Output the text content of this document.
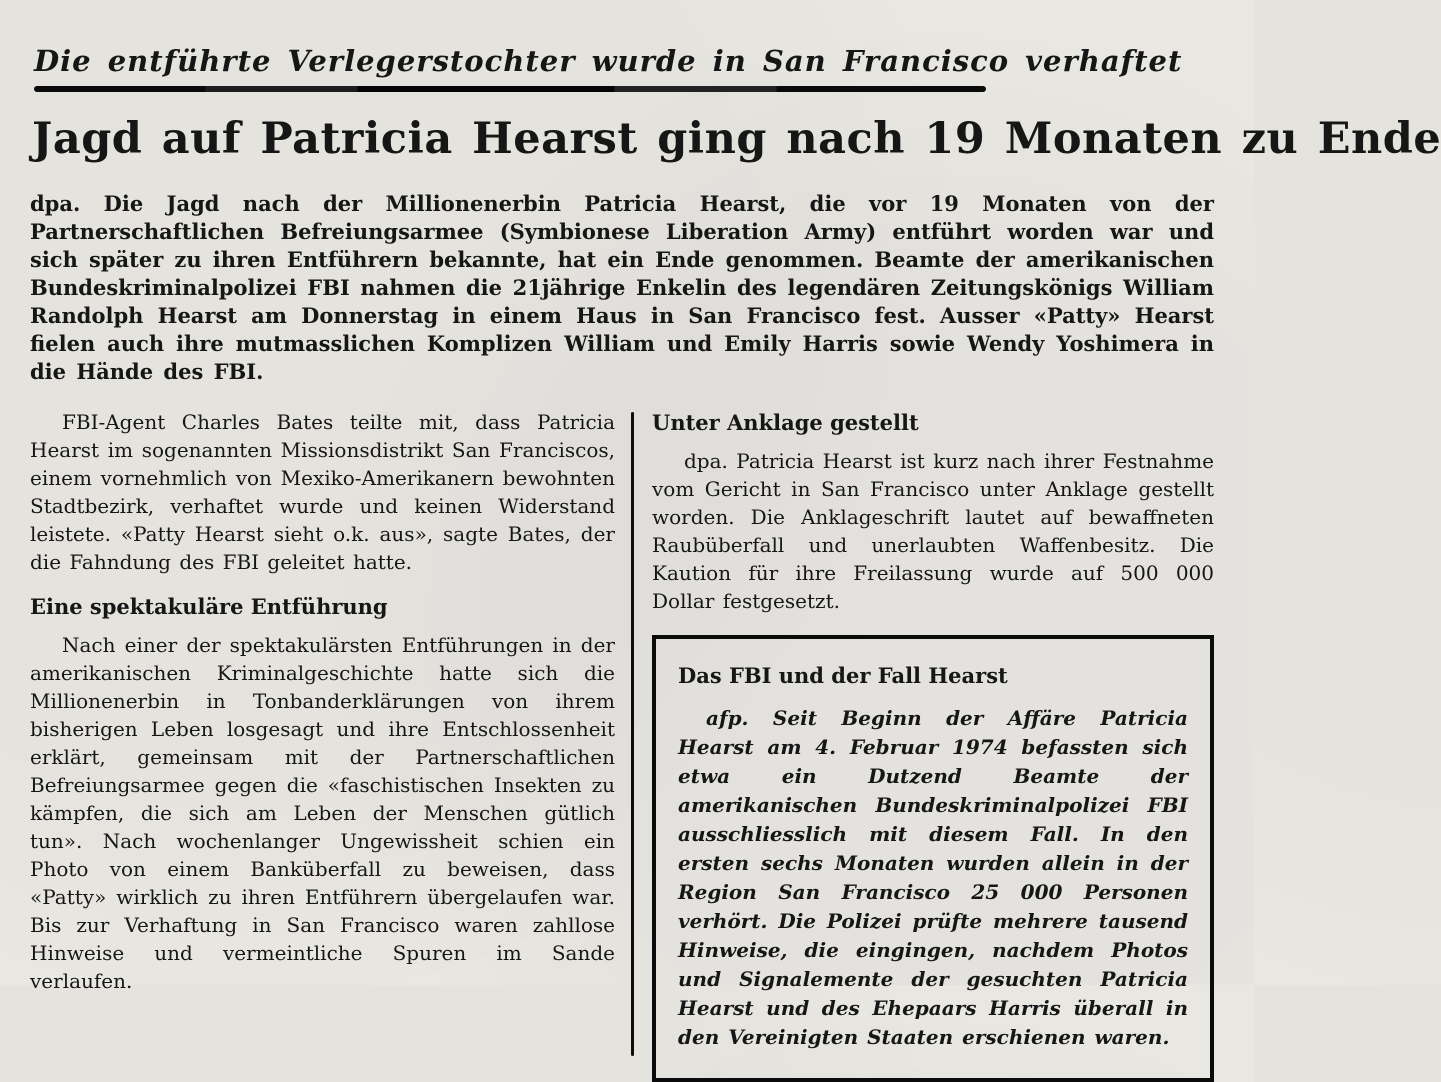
Die entführte Verlegerstochter wurde in San Francisco verhaftet
Jagd auf Patricia Hearst ging nach 19 Monaten zu Ende

dpa. Die Jagd nach der Millionenerbin Patricia Hearst, die vor 19 Monaten von der Partnerschaftlichen Befreiungsarmee (Symbionese Liberation Army) entführt worden war und sich später zu ihren Entführern bekannte, hat ein Ende genommen. Beamte der amerikanischen Bundeskriminalpolizei FBI nahmen die 21jährige Enkelin des legendären Zeitungskönigs William Randolph Hearst am Donnerstag in einem Haus in San Francisco fest. Ausser «Patty» Hearst fielen auch ihre mutmasslichen Komplizen William und Emily Harris sowie Wendy Yoshimera in die Hände des FBI.

FBI-Agent Charles Bates teilte mit, dass Patricia Hearst im sogenannten Missionsdistrikt San Franciscos, einem vornehmlich von Mexiko-Amerikanern bewohnten Stadtbezirk, verhaftet wurde und keinen Widerstand leistete. «Patty Hearst sieht o.k. aus», sagte Bates, der die Fahndung des FBI geleitet hatte.

Eine spektakuläre Entführung

Nach einer der spektakulärsten Entführungen in der amerikanischen Kriminalgeschichte hatte sich die Millionenerbin in Tonbanderklärungen von ihrem bisherigen Leben losgesagt und ihre Entschlossenheit erklärt, gemeinsam mit der Partnerschaftlichen Befreiungsarmee gegen die «faschistischen Insekten zu kämpfen, die sich am Leben der Menschen gütlich tun». Nach wochenlanger Ungewissheit schien ein Photo von einem Banküberfall zu beweisen, dass «Patty» wirklich zu ihren Entführern übergelaufen war. Bis zur Verhaftung in San Francisco waren zahllose Hinweise und vermeintliche Spuren im Sande verlaufen.

Unter Anklage gestellt

dpa. Patricia Hearst ist kurz nach ihrer Festnahme vom Gericht in San Francisco unter Anklage gestellt worden. Die Anklageschrift lautet auf bewaffneten Raubüberfall und unerlaubten Waffenbesitz. Die Kaution für ihre Freilassung wurde auf 500 000 Dollar festgesetzt.

Das FBI und der Fall Hearst

afp. Seit Beginn der Affäre Patricia Hearst am 4. Februar 1974 befassten sich etwa ein Dutzend Beamte der amerikanischen Bundeskriminalpolizei FBI ausschliesslich mit diesem Fall. In den ersten sechs Monaten wurden allein in der Region San Francisco 25 000 Personen verhört. Die Polizei prüfte mehrere tausend Hinweise, die eingingen, nachdem Photos und Signalemente der gesuchten Patricia Hearst und des Ehepaars Harris überall in den Vereinigten Staaten erschienen waren.
